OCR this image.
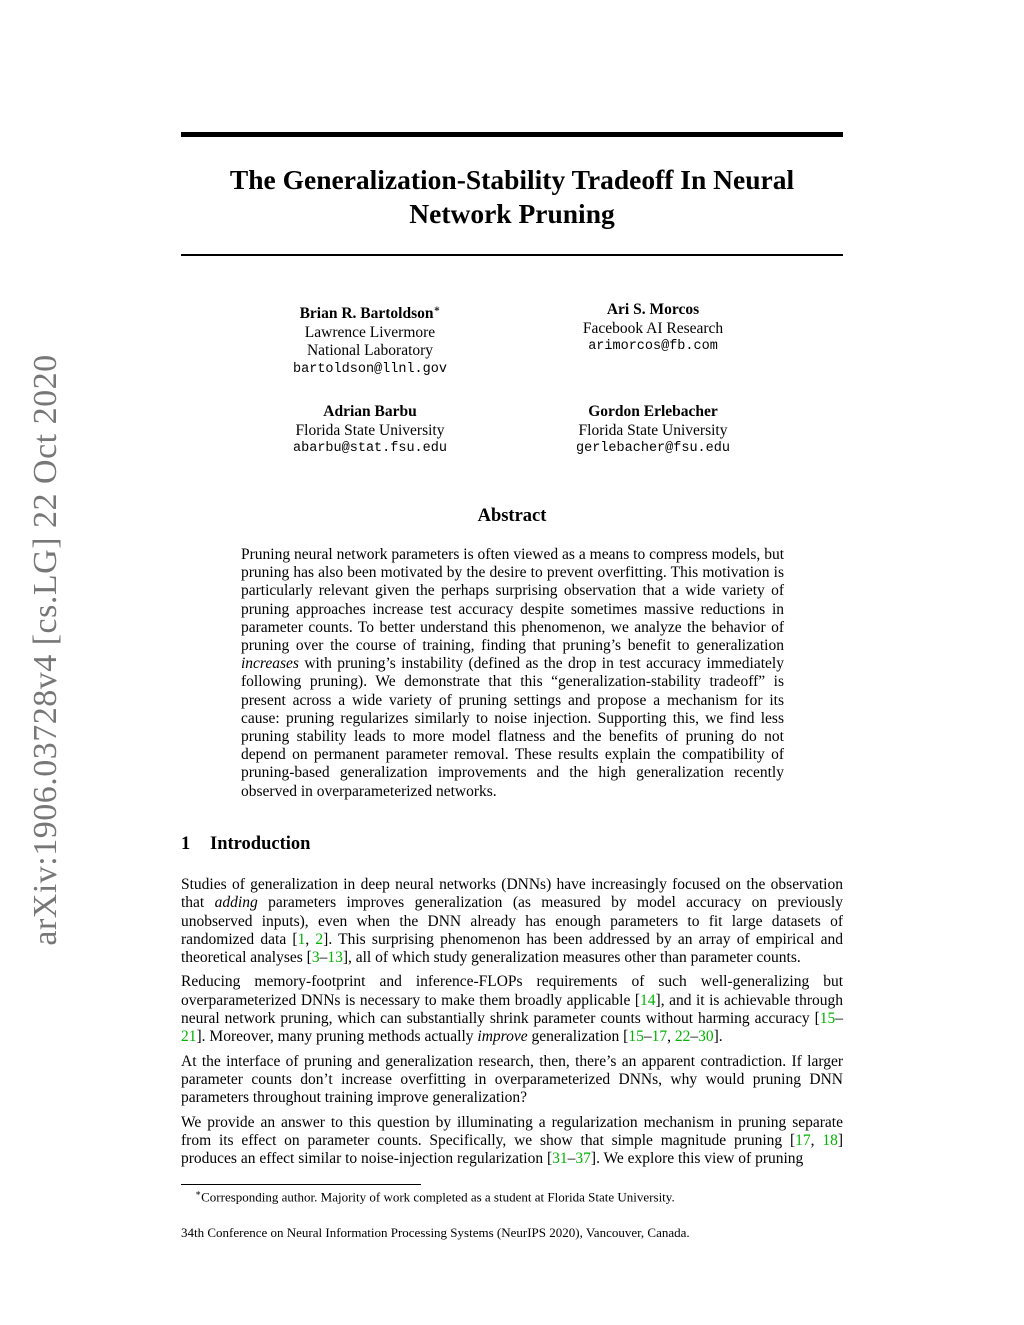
arXiv:1906.03728v4 [cs.LG] 22 Oct 2020
The Generalization-Stability Tradeoff In Neural
Network Pruning
Brian R. Bartoldson∗
Lawrence Livermore
National Laboratory
bartoldson@llnl.gov
Ari S. Morcos
Facebook AI Research
arimorcos@fb.com
Adrian Barbu
Florida State University
abarbu@stat.fsu.edu
Gordon Erlebacher
Florida State University
gerlebacher@fsu.edu
Abstract
Pruning neural network parameters is often viewed as a means to compress models, but pruning has also been motivated by the desire to prevent overfitting. This motivation is particularly relevant given the perhaps surprising observation that a wide variety of pruning approaches increase test accuracy despite sometimes massive reductions in parameter counts. To better understand this phenomenon, we analyze the behavior of pruning over the course of training, finding that pruning’s benefit to generalization increases with pruning’s instability (defined as the drop in test accuracy immediately following pruning). We demonstrate that this “generalization-stability tradeoff” is present across a wide variety of pruning settings and propose a mechanism for its cause: pruning regularizes similarly to noise injection. Supporting this, we find less pruning stability leads to more model flatness and the benefits of pruning do not depend on permanent parameter removal. These results explain the compatibility of pruning-based generalization improvements and the high generalization recently observed in overparameterized networks.
1 Introduction

Studies of generalization in deep neural networks (DNNs) have increasingly focused on the observation that adding parameters improves generalization (as measured by model accuracy on previously unobserved inputs), even when the DNN already has enough parameters to fit large datasets of randomized data [1, 2]. This surprising phenomenon has been addressed by an array of empirical and theoretical analyses [3–13], all of which study generalization measures other than parameter counts.

Reducing memory-footprint and inference-FLOPs requirements of such well-generalizing but overparameterized DNNs is necessary to make them broadly applicable [14], and it is achievable through neural network pruning, which can substantially shrink parameter counts without harming accuracy [15–21]. Moreover, many pruning methods actually improve generalization [15–17, 22–30].

At the interface of pruning and generalization research, then, there’s an apparent contradiction. If larger parameter counts don’t increase overfitting in overparameterized DNNs, why would pruning DNN parameters throughout training improve generalization?

We provide an answer to this question by illuminating a regularization mechanism in pruning separate from its effect on parameter counts. Specifically, we show that simple magnitude pruning [17, 18] produces an effect similar to noise-injection regularization [31–37]. We explore this view of pruning

∗Corresponding author. Majority of work completed as a student at Florida State University.
34th Conference on Neural Information Processing Systems (NeurIPS 2020), Vancouver, Canada.
